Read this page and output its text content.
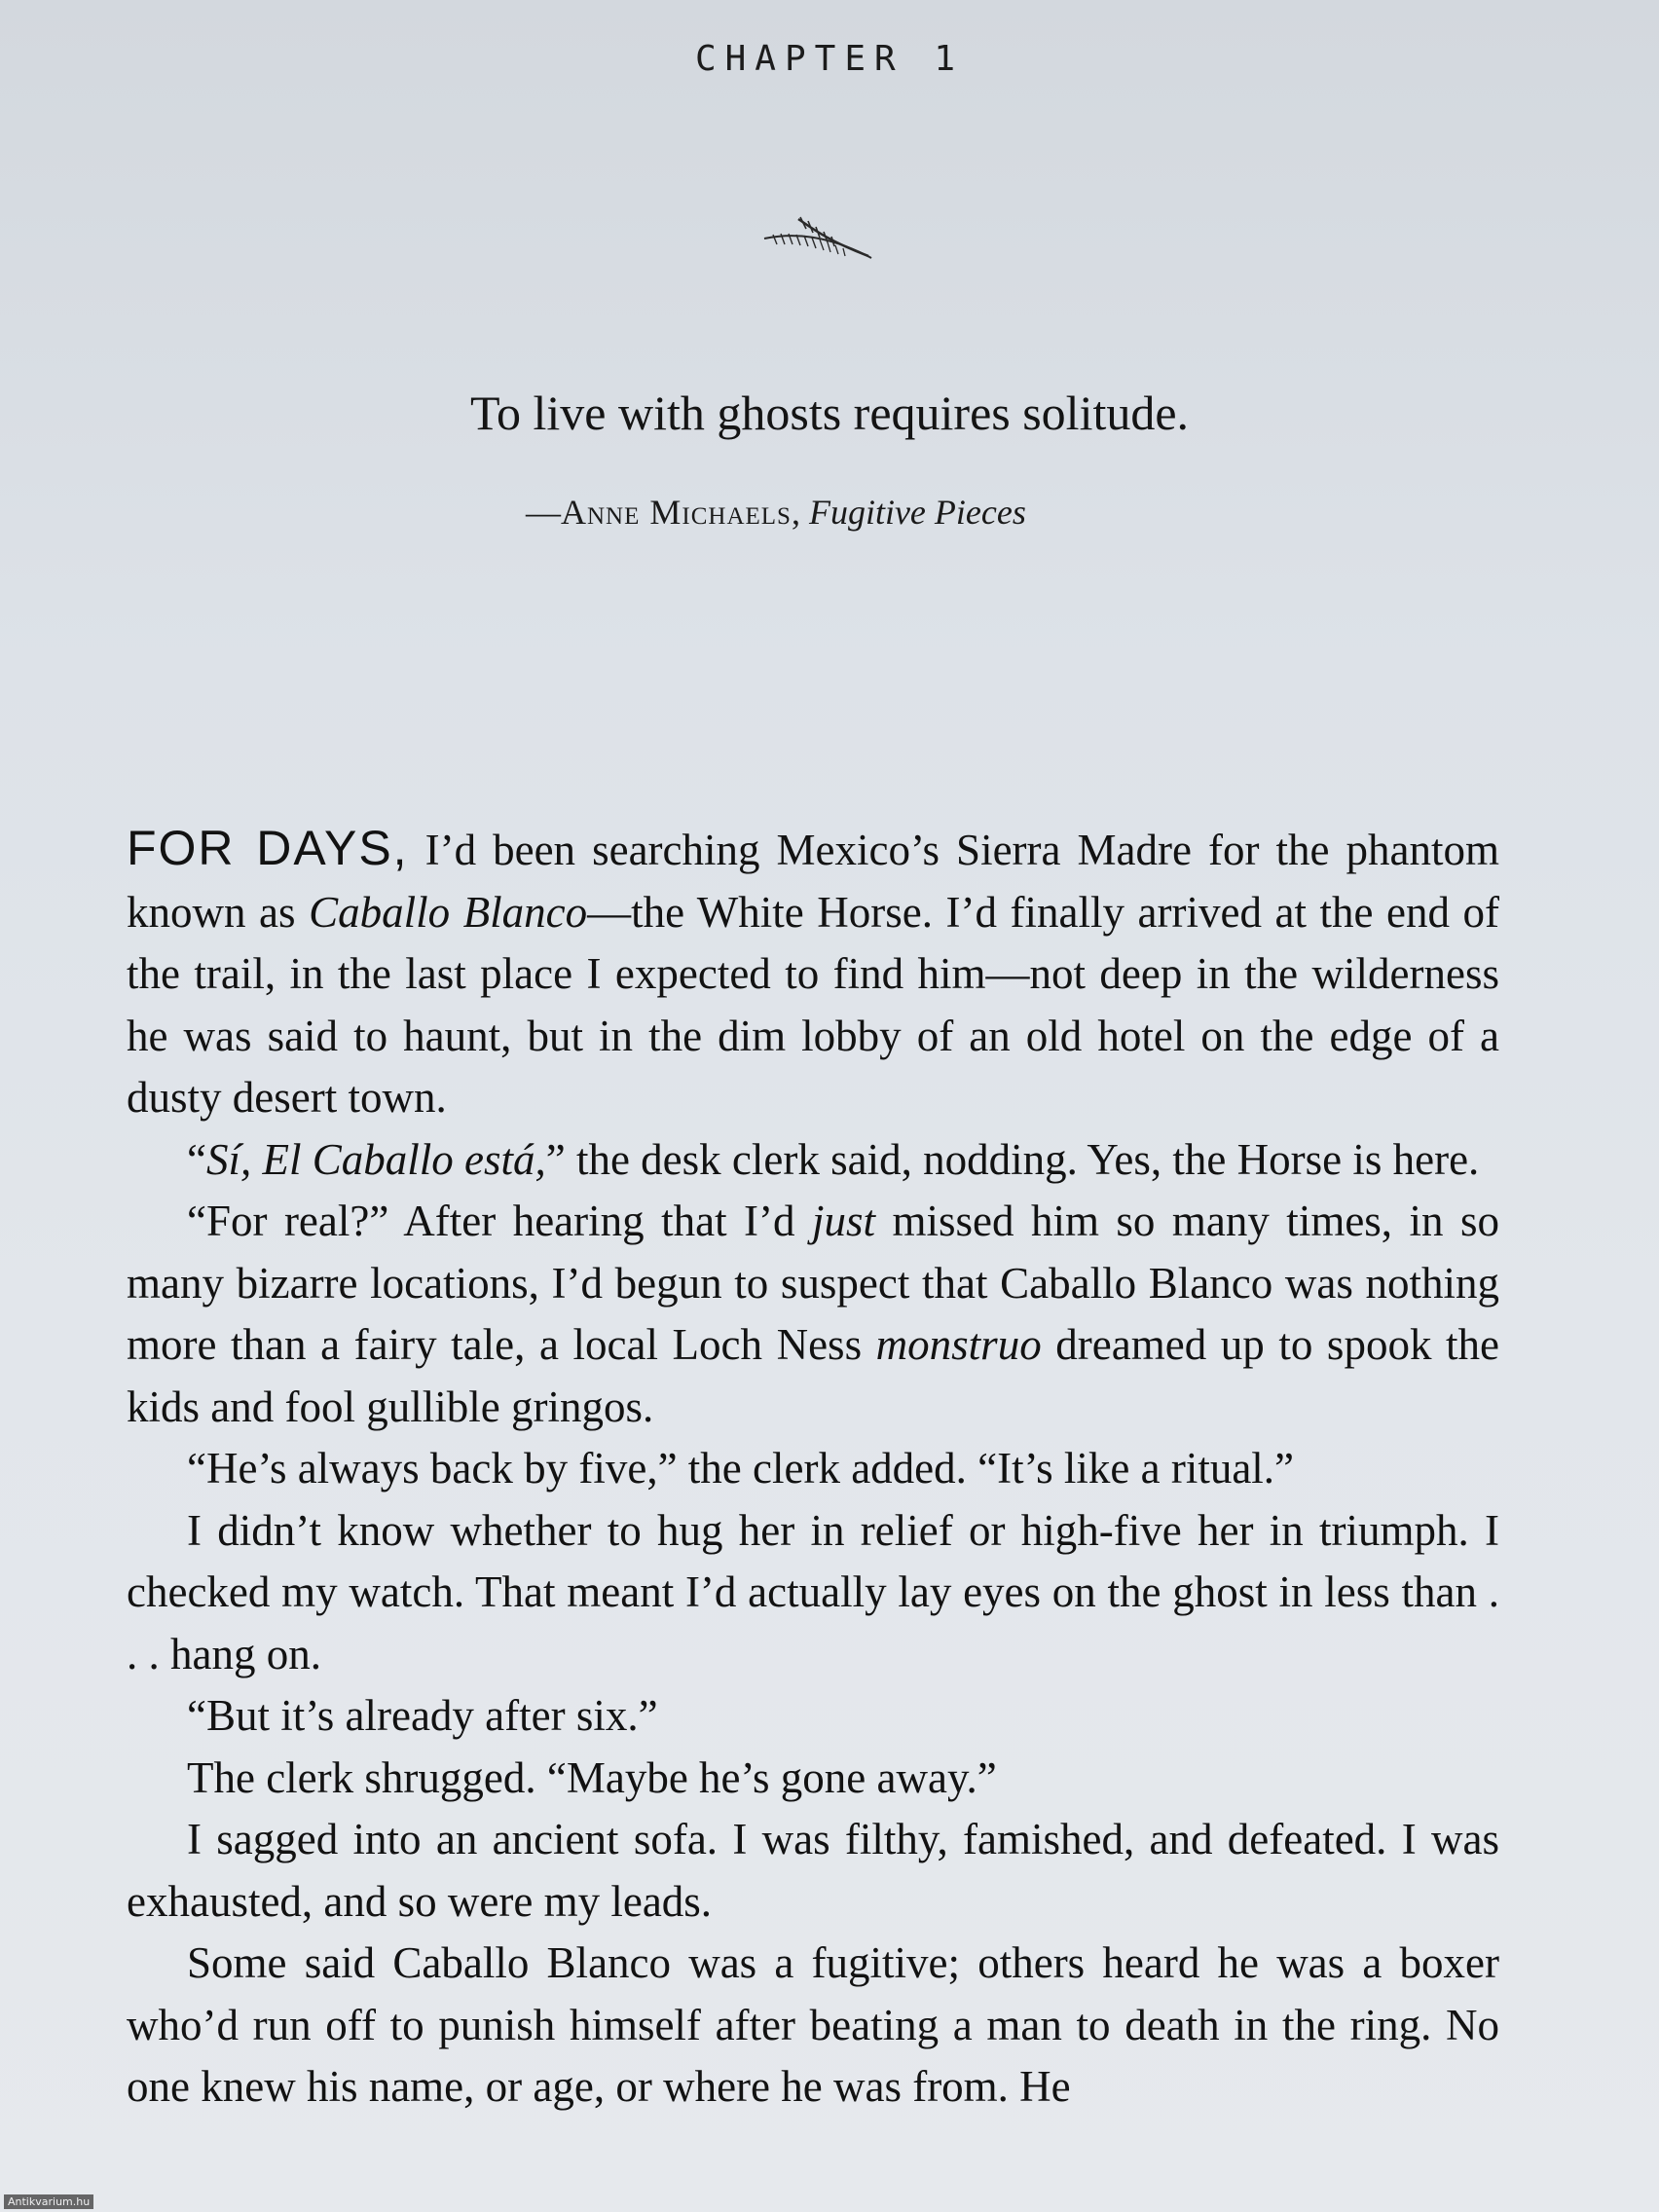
CHAPTER 1
To live with ghosts requires solitude.
—Anne Michaels, Fugitive Pieces

FOR DAYS, I’d been searching Mexico’s Sierra Madre for the phantom known as Caballo Blanco—the White Horse. I’d finally arrived at the end of the trail, in the last place I expected to find him—not deep in the wilderness he was said to haunt, but in the dim lobby of an old hotel on the edge of a dusty desert town.

“Sí, El Caballo está,” the desk clerk said, nodding. Yes, the Horse is here.

“For real?” After hearing that I’d just missed him so many times, in so many bizarre locations, I’d begun to suspect that Caballo Blanco was nothing more than a fairy tale, a local Loch Ness monstruo dreamed up to spook the kids and fool gullible gringos.

“He’s always back by five,” the clerk added. “It’s like a ritual.”

I didn’t know whether to hug her in relief or high-five her in triumph. I checked my watch. That meant I’d actually lay eyes on the ghost in less than . . . hang on.

“But it’s already after six.”

The clerk shrugged. “Maybe he’s gone away.”

I sagged into an ancient sofa. I was filthy, famished, and defeated. I was exhausted, and so were my leads.

Some said Caballo Blanco was a fugitive; others heard he was a boxer who’d run off to punish himself after beating a man to death in the ring. No one knew his name, or age, or where he was from. He

Antikvarium.hu
